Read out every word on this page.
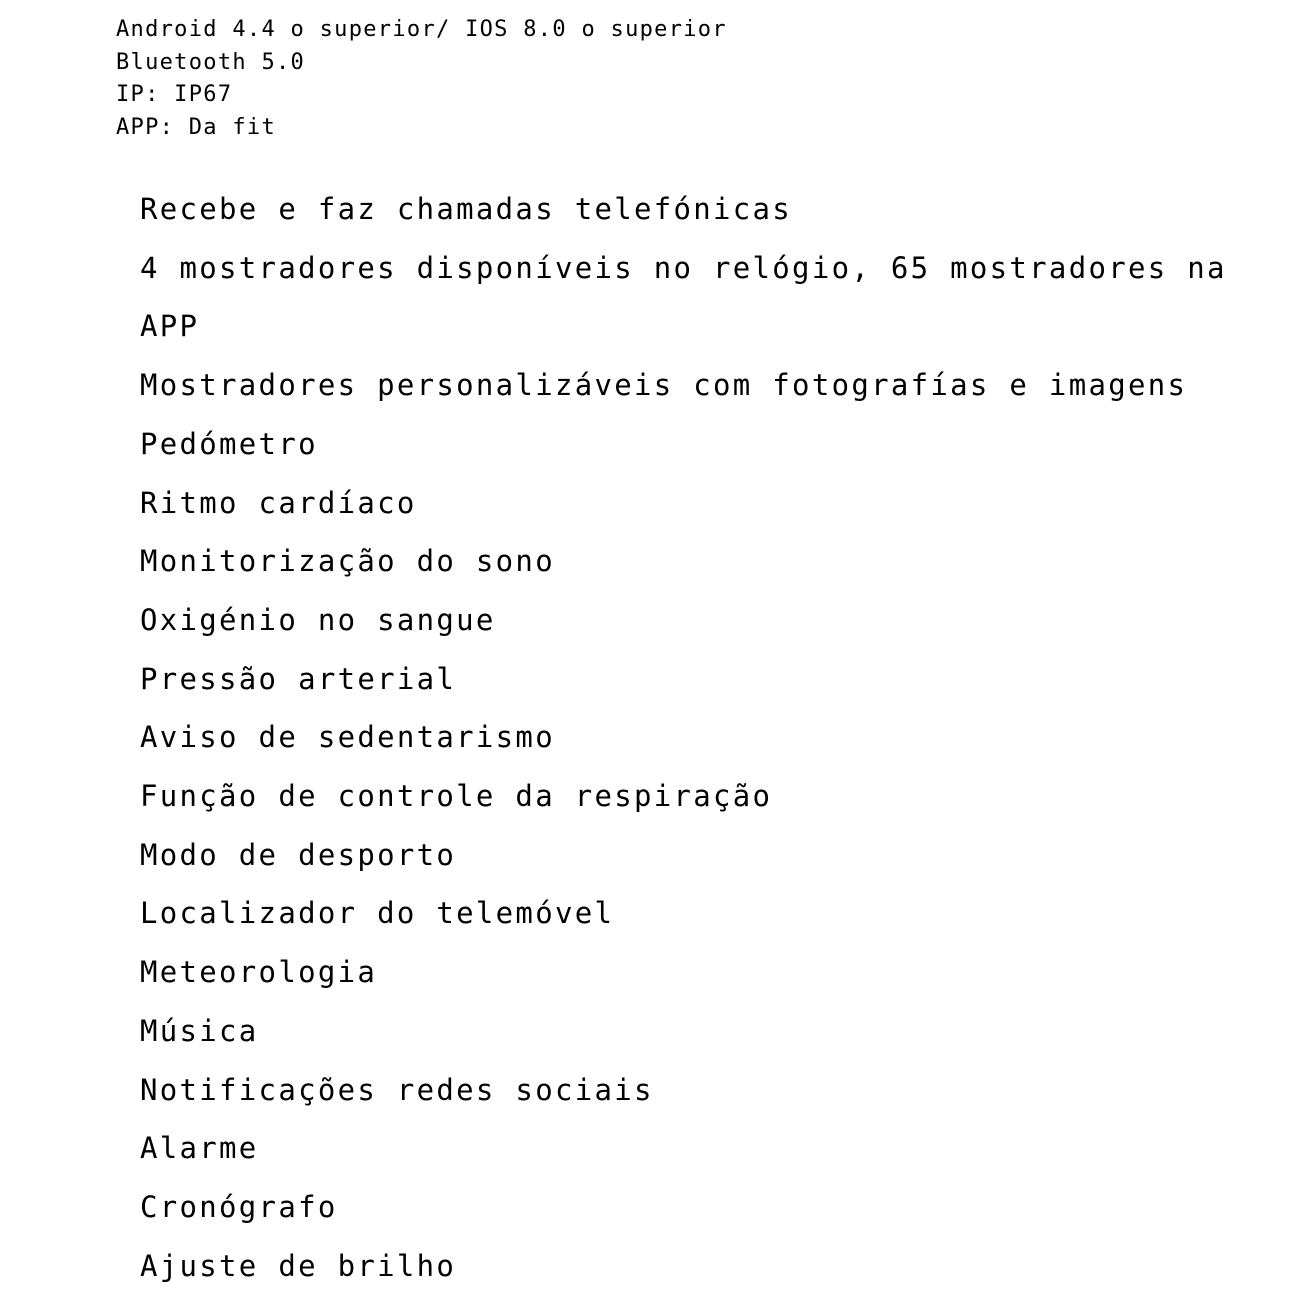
Android 4.4 o superior/ IOS 8.0 o superior
Bluetooth 5.0
IP: IP67
APP: Da fit
Recebe e faz chamadas telefónicas
4 mostradores disponíveis no relógio, 65 mostradores na APP
Mostradores personalizáveis com fotografías e imagens
Pedómetro
Ritmo cardíaco
Monitorização do sono
Oxigénio no sangue
Pressão arterial
Aviso de sedentarismo
Função de controle da respiração
Modo de desporto
Localizador do telemóvel
Meteorologia
Música
Notificações redes sociais
Alarme
Cronógrafo
Ajuste de brilho
